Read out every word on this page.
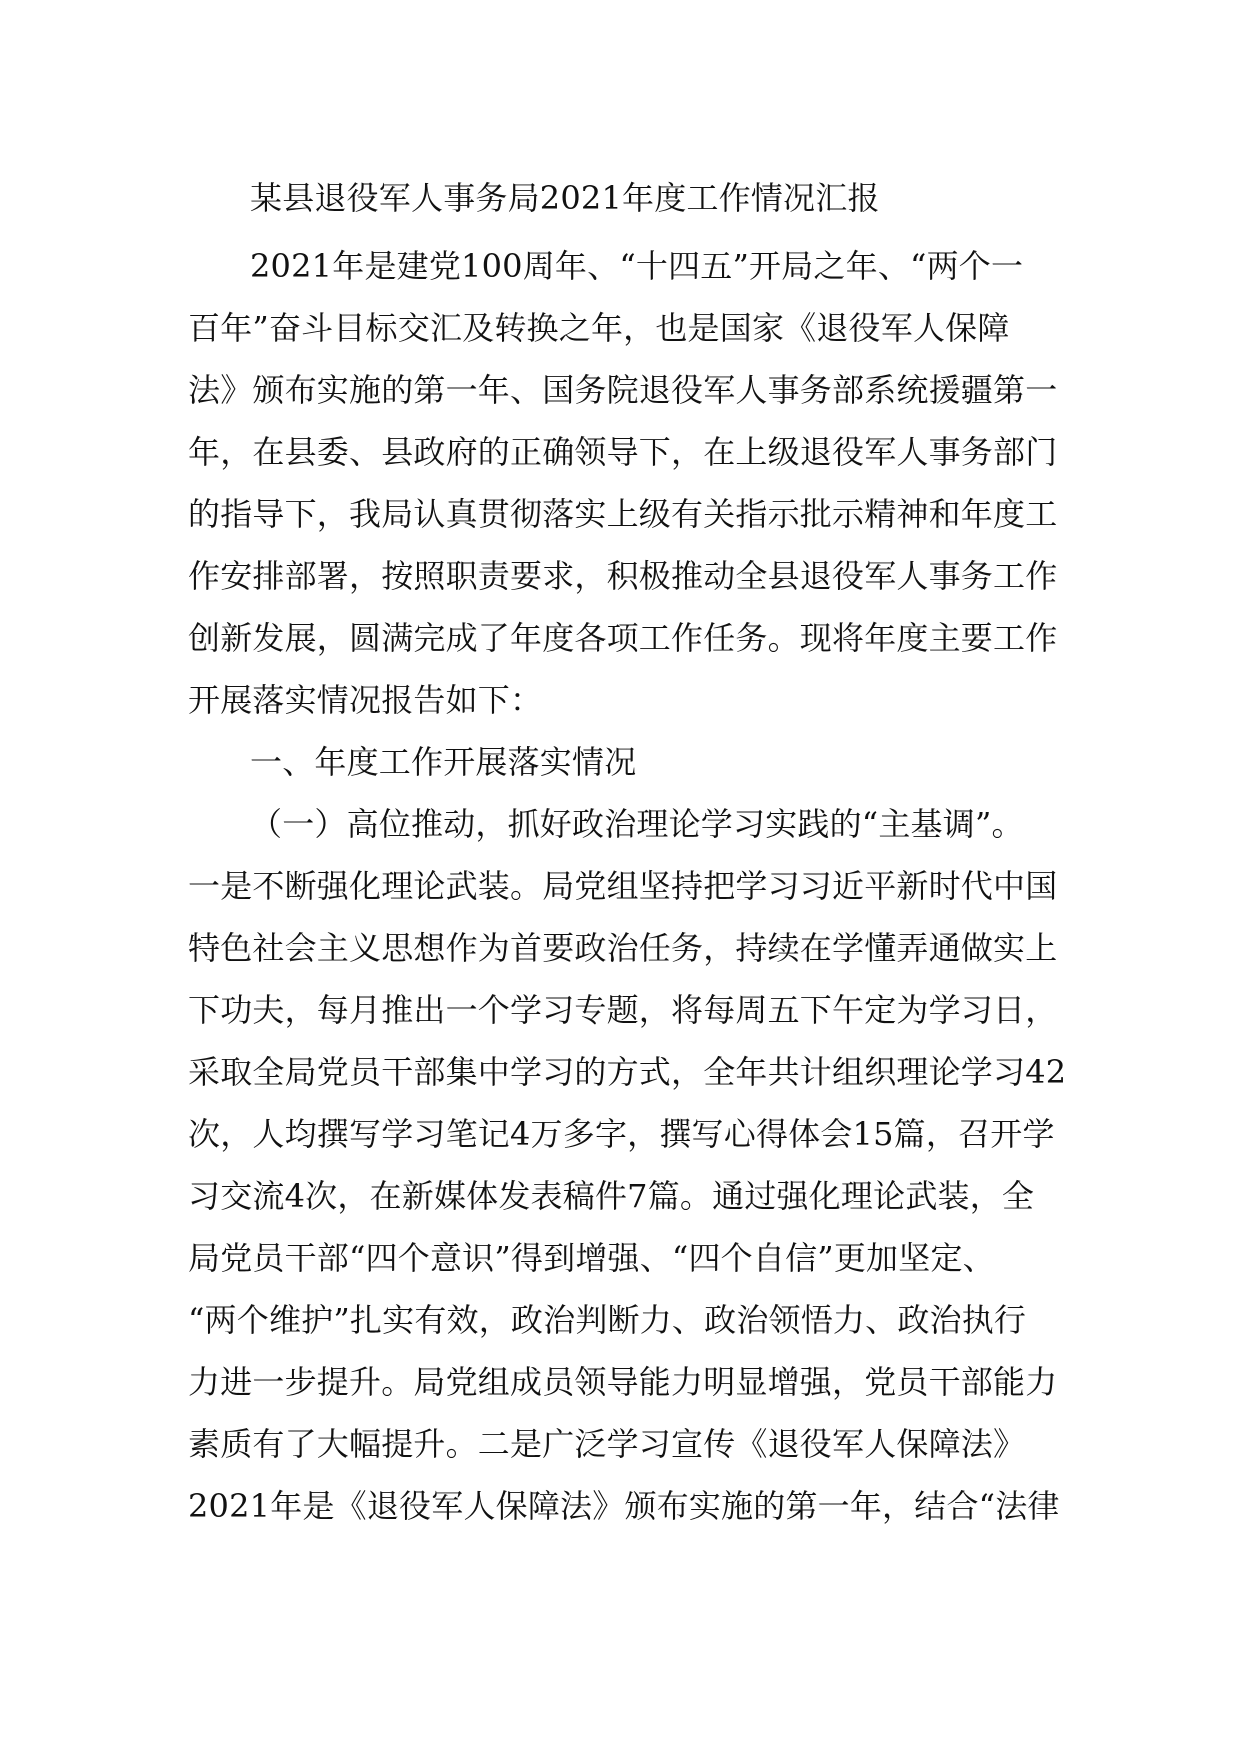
某县退役军人事务局2021年度工作情况汇报
2021年是建党100周年、“十四五”开局之年、“两个一
百年”奋斗目标交汇及转换之年，也是国家《退役军人保障
法》颁布实施的第一年、国务院退役军人事务部系统援疆第一
年，在县委、县政府的正确领导下，在上级退役军人事务部门
的指导下，我局认真贯彻落实上级有关指示批示精神和年度工
作安排部署，按照职责要求，积极推动全县退役军人事务工作
创新发展，圆满完成了年度各项工作任务。现将年度主要工作
开展落实情况报告如下：
一、年度工作开展落实情况
（一）高位推动，抓好政治理论学习实践的“主基调”。
一是不断强化理论武装。局党组坚持把学习习近平新时代中国
特色社会主义思想作为首要政治任务，持续在学懂弄通做实上
下功夫，每月推出一个学习专题，将每周五下午定为学习日，
采取全局党员干部集中学习的方式，全年共计组织理论学习42
次，人均撰写学习笔记4万多字，撰写心得体会15篇，召开学
习交流4次，在新媒体发表稿件7篇。通过强化理论武装，全
局党员干部“四个意识”得到增强、“四个自信”更加坚定、
“两个维护”扎实有效，政治判断力、政治领悟力、政治执行
力进一步提升。局党组成员领导能力明显增强，党员干部能力
素质有了大幅提升。二是广泛学习宣传《退役军人保障法》
2021年是《退役军人保障法》颁布实施的第一年，结合“法律
